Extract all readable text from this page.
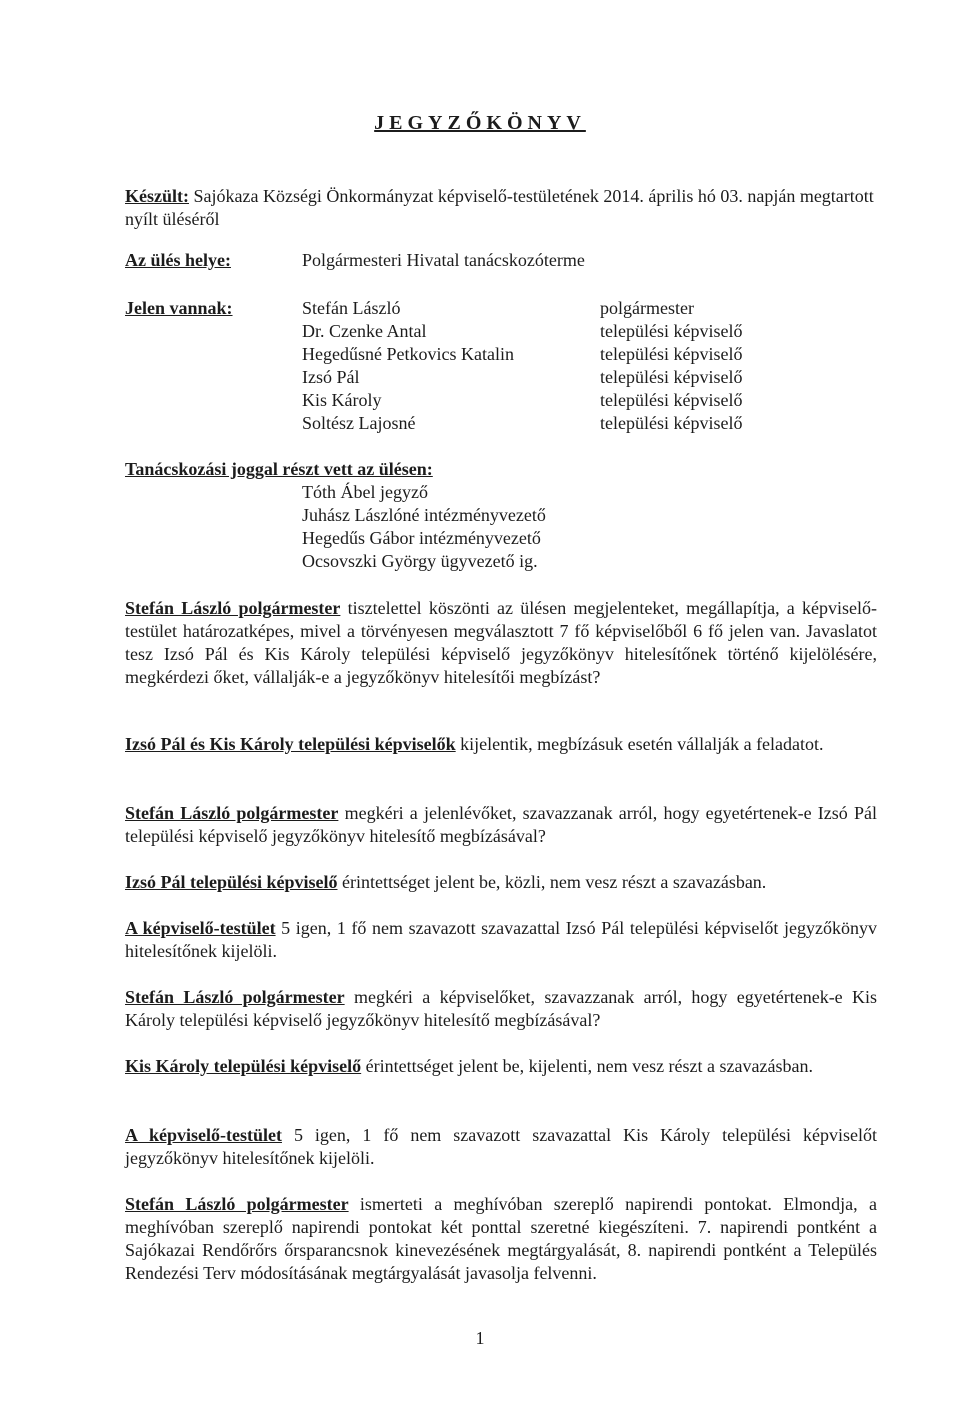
JEGYZŐKÖNYV
Készült: Sajókaza Községi Önkormányzat képviselő-testületének 2014. április hó 03. napján megtartott nyílt üléséről
Az ülés helye:	Polgármesteri Hivatal tanácskozóterme
Jelen vannak:	Stefán László
Dr. Czenke Antal
Hegedűsné Petkovics Katalin
Izsó Pál
Kis Károly
Soltész Lajosné
polgármester
települési képviselő
települési képviselő
települési képviselő
települési képviselő
települési képviselő
Tanácskozási joggal részt vett az ülésen:
Tóth Ábel jegyző
Juhász Lászlóné intézményvezető
Hegedűs Gábor intézményvezető
Ocsovszki György ügyvezető ig.
Stefán László polgármester tisztelettel köszönti az ülésen megjelenteket, megállapítja, a képviselő-testület határozatképes, mivel a törvényesen megválasztott 7 fő képviselőből 6 fő jelen van. Javaslatot tesz Izsó Pál és Kis Károly települési képviselő jegyzőkönyv hitelesítőnek történő kijelölésére, megkérdezi őket, vállalják-e a jegyzőkönyv hitelesítői megbízást?
Izsó Pál és Kis Károly települési képviselők kijelentik, megbízásuk esetén vállalják a feladatot.
Stefán László polgármester megkéri a jelenlévőket, szavazzanak arról, hogy egyetértenek-e Izsó Pál települési képviselő jegyzőkönyv hitelesítő megbízásával?
Izsó Pál települési képviselő érintettséget jelent be, közli, nem vesz részt a szavazásban.
A képviselő-testület 5 igen, 1 fő nem szavazott szavazattal Izsó Pál települési képviselőt jegyzőkönyv hitelesítőnek kijelöli.
Stefán László polgármester megkéri a képviselőket, szavazzanak arról, hogy egyetértenek-e Kis Károly települési képviselő jegyzőkönyv hitelesítő megbízásával?
Kis Károly települési képviselő érintettséget jelent be, kijelenti, nem vesz részt a szavazásban.
A képviselő-testület 5 igen, 1 fő nem szavazott szavazattal Kis Károly települési képviselőt jegyzőkönyv hitelesítőnek kijelöli.
Stefán László polgármester ismerteti a meghívóban szereplő napirendi pontokat. Elmondja, a meghívóban szereplő napirendi pontokat két ponttal szeretné kiegészíteni. 7. napirendi pontként a Sajókazai Rendőrőrs őrsparancsnok kinevezésének megtárgyalását, 8. napirendi pontként a Település Rendezési Terv módosításának megtárgyalását javasolja felvenni.
1
